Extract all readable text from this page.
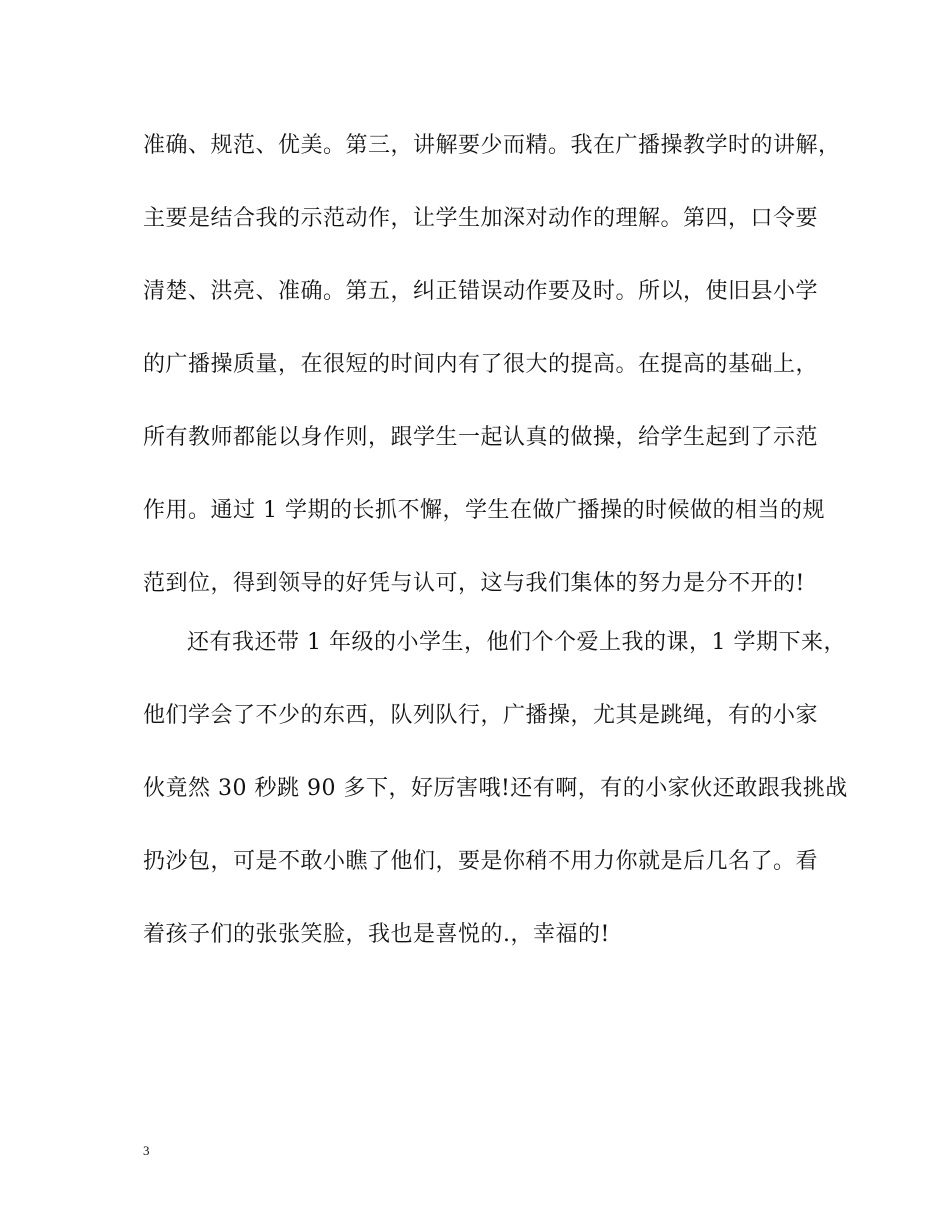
准确、规范、优美。第三，讲解要少而精。我在广播操教学时的讲解，
主要是结合我的示范动作，让学生加深对动作的理解。第四，口令要
清楚、洪亮、准确。第五，纠正错误动作要及时。所以，使旧县小学
的广播操质量，在很短的时间内有了很大的提高。在提高的基础上，
所有教师都能以身作则，跟学生一起认真的做操，给学生起到了示范
作用。通过 1 学期的长抓不懈，学生在做广播操的时候做的相当的规
范到位，得到领导的好凭与认可，这与我们集体的努力是分不开的!
还有我还带 1 年级的小学生，他们个个爱上我的课，1 学期下来，
他们学会了不少的东西，队列队行，广播操，尤其是跳绳，有的小家
伙竟然 30 秒跳 90 多下，好厉害哦!还有啊，有的小家伙还敢跟我挑战
扔沙包，可是不敢小瞧了他们，要是你稍不用力你就是后几名了。看
着孩子们的张张笑脸，我也是喜悦的.，幸福的!
3
